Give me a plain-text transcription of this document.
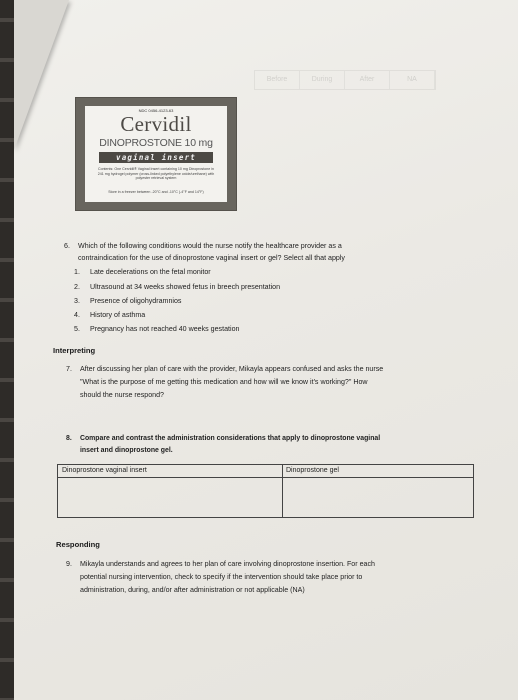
Before	During	After	NA
NDC 0456-4123-63
Cervidil
DINOPROSTONE 10 mg
vaginal insert
Contents: One Cervidil® Vaginal Insert containing 10 mg Dinoprostone in 241 mg hydrogel polymer (cross-linked polyethylene oxide/urethane) with polyester retrieval system
Store in a freezer between -20°C and -10°C (-4°F and 14°F)
6. Which of the following conditions would the nurse notify the healthcare provider as a
contraindication for the use of dinoprostone vaginal insert or gel? Select all that apply
1. Late decelerations on the fetal monitor
2. Ultrasound at 34 weeks showed fetus in breech presentation
3. Presence of oligohydramnios
4. History of asthma
5. Pregnancy has not reached 40 weeks gestation
Interpreting
7. After discussing her plan of care with the provider, Mikayla appears confused and asks the nurse
"What is the purpose of me getting this medication and how will we know it's working?" How
should the nurse respond?
8. Compare and contrast the administration considerations that apply to dinoprostone vaginal
insert and dinoprostone gel.
Dinoprostone vaginal insert	Dinoprostone gel
Responding
9. Mikayla understands and agrees to her plan of care involving dinoprostone insertion. For each
potential nursing intervention, check to specify if the intervention should take place prior to
administration, during, and/or after administration or not applicable (NA)
